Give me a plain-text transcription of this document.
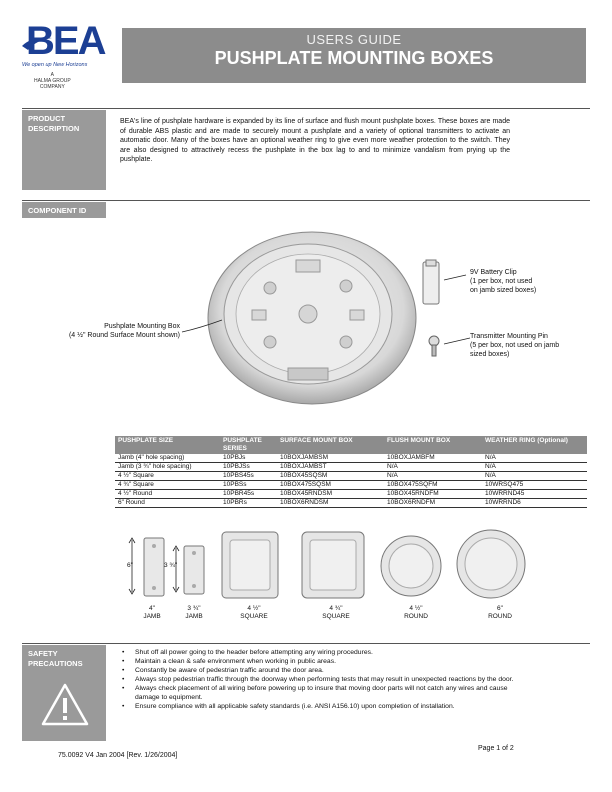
BEA
We open up New Horizons
A
HALMA GROUP
COMPANY
USERS GUIDE
PUSHPLATE MOUNTING BOXES
PRODUCT DESCRIPTION
BEA's line of pushplate hardware is expanded by its line of surface and flush mount pushplate boxes. These boxes are made of durable ABS plastic and are made to securely mount a pushplate and a variety of optional transmitters to activate an automatic door. Many of the boxes have an optional weather ring to give even more weather protection to the switch. They are also designed to attractively recess the pushplate in the box lag to and to minimize vandalism from prying up the pushplate.
COMPONENT ID
9V Battery Clip
(1 per box, not used
on jamb sized boxes)
Transmitter Mounting Pin
(5 per box, not used on jamb
sized boxes)
Pushplate Mounting Box
(4 ½" Round Surface Mount shown)
PUSHPLATE SIZE	PUSHPLATE SERIES	SURFACE MOUNT BOX	FLUSH MOUNT BOX	WEATHER RING (Optional)
Jamb (4" hole spacing)	10PBJs	10BOXJAMBSM	10BOXJAMBFM	N/A
Jamb (3 ¾" hole spacing)	10PBJSs	10BOXJAMBST	N/A	N/A
4 ½" Square	10PBS45s	10BOX45SQSM	N/A	N/A
4 ¾" Square	10PBSs	10BOX475SQSM	10BOX475SQFM	10WRSQ475
4 ½" Round	10PBR45s	10BOX45RNDSM	10BOX45RNDFM	10WRRND45
6" Round	10PBRs	10BOX6RNDSM	10BOX6RNDFM	10WRRND6
6"	3 ¾"
4"
JAMB
3 ¾"
JAMB
4 ½"
SQUARE
4 ¾"
SQUARE
4 ½"
ROUND
6"
ROUND
SAFETY PRECAUTIONS
• Shut off all power going to the header before attempting any wiring procedures.
• Maintain a clean & safe environment when working in public areas.
• Constantly be aware of pedestrian traffic around the door area.
• Always stop pedestrian traffic through the doorway when performing tests that may result in unexpected reactions by the door.
• Always check placement of all wiring before powering up to insure that moving door parts will not catch any wires and cause damage to equipment.
• Ensure compliance with all applicable safety standards (i.e. ANSI A156.10) upon completion of installation.
Page 1 of 2
75.0092 V4 Jan 2004 [Rev. 1/26/2004]
